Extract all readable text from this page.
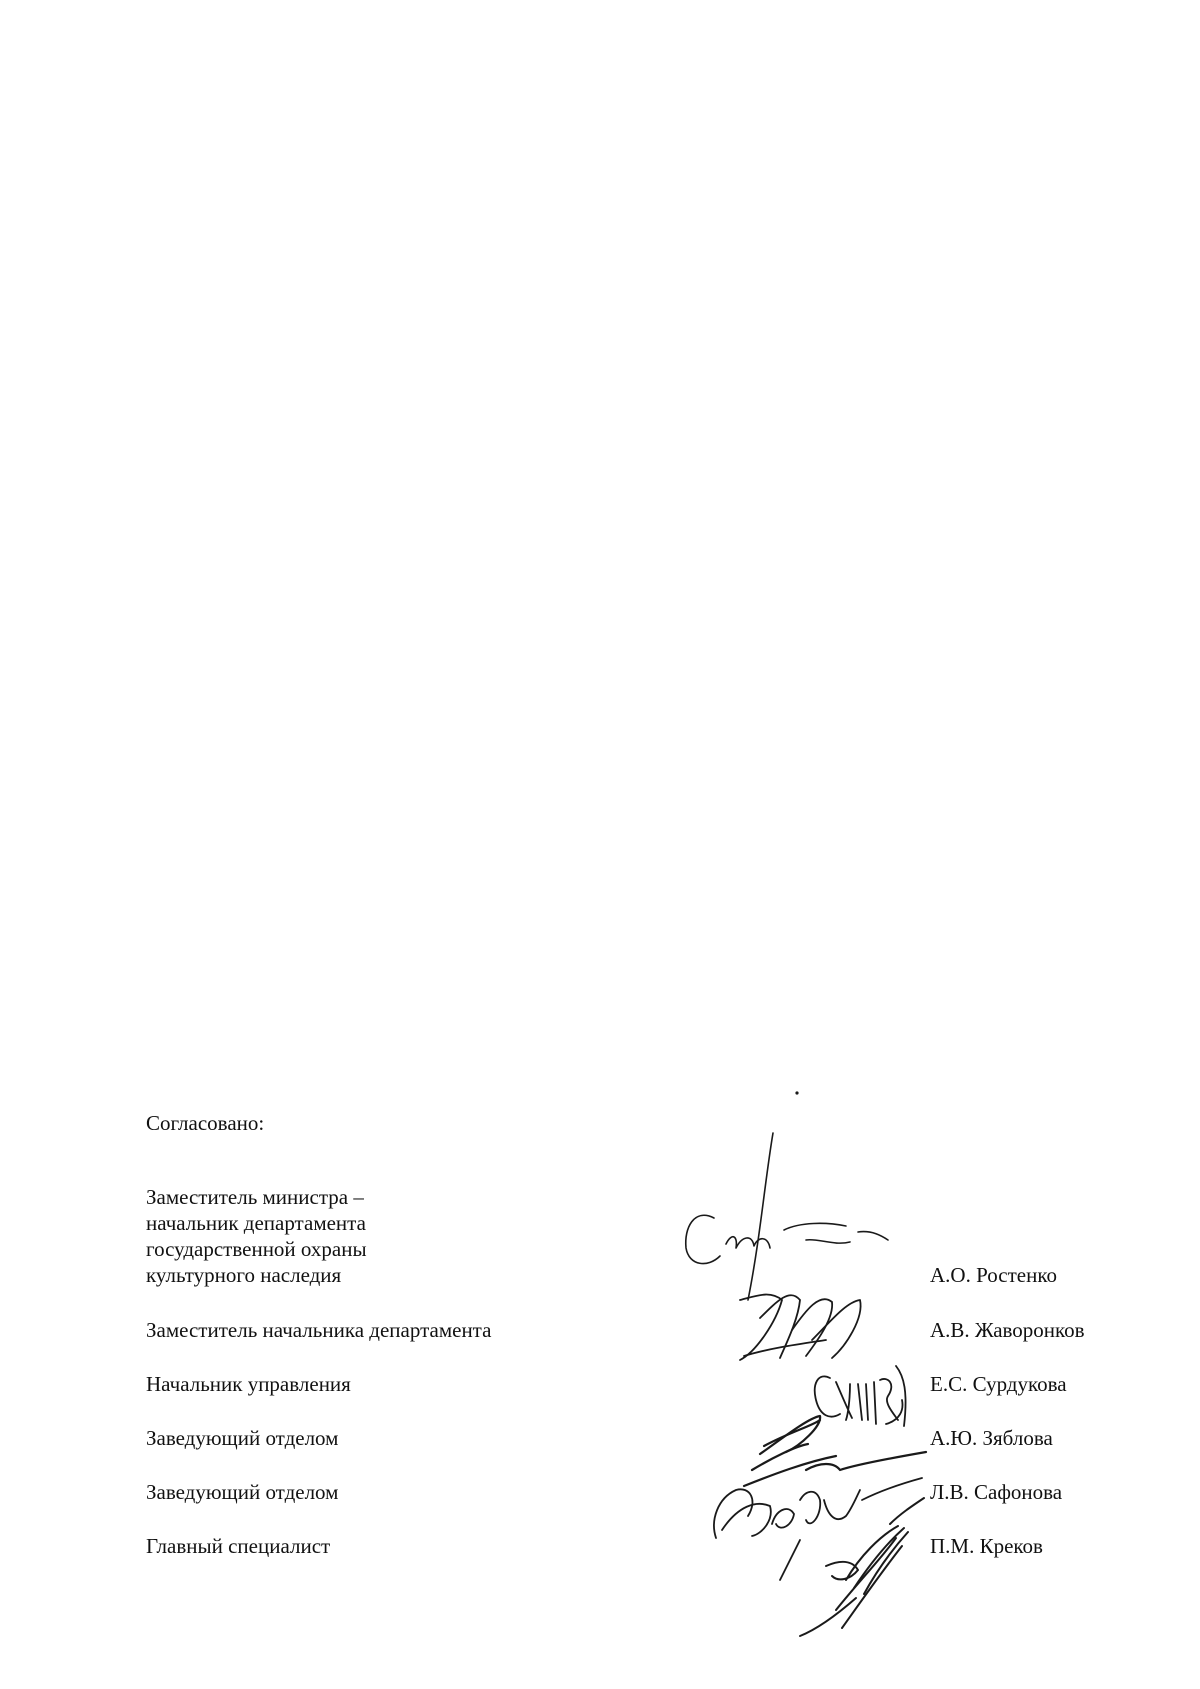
Согласовано:
Заместитель министра –
начальник департамента
государственной охраны
культурного наследия	А.О. Ростенко
Заместитель начальника департамента	А.В. Жаворонков
Начальник управления	Е.С. Сурдукова
Заведующий отделом	А.Ю. Зяблова
Заведующий отделом	Л.В. Сафонова
Главный специалист	П.М. Креков
